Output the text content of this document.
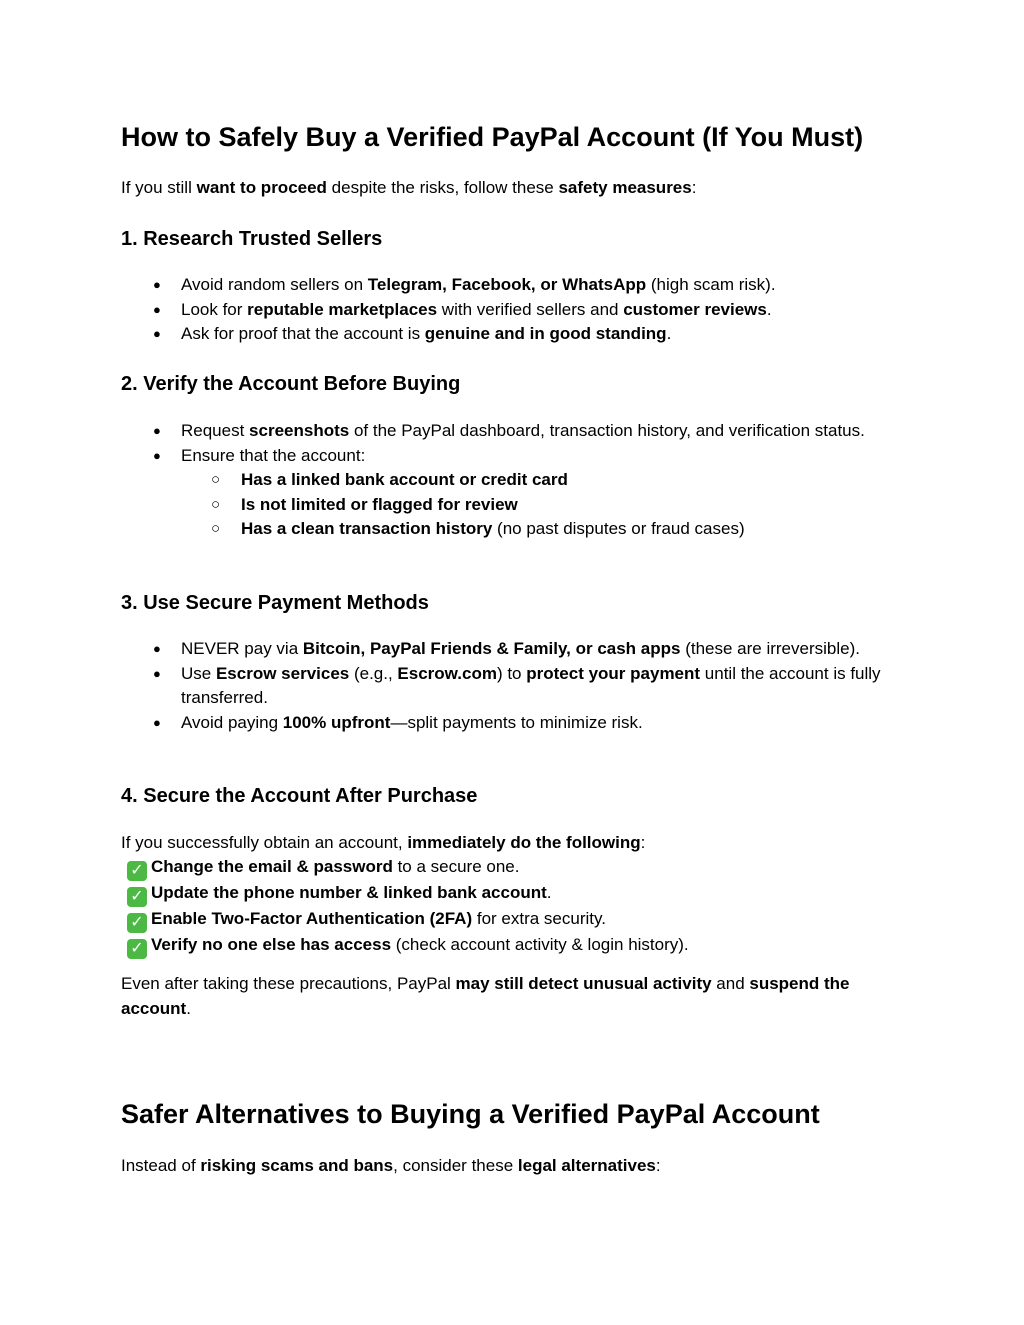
How to Safely Buy a Verified PayPal Account (If You Must)
If you still want to proceed despite the risks, follow these safety measures:
1. Research Trusted Sellers
● Avoid random sellers on Telegram, Facebook, or WhatsApp (high scam risk).
● Look for reputable marketplaces with verified sellers and customer reviews.
● Ask for proof that the account is genuine and in good standing.
2. Verify the Account Before Buying
● Request screenshots of the PayPal dashboard, transaction history, and verification status.
● Ensure that the account:
○ Has a linked bank account or credit card
○ Is not limited or flagged for review
○ Has a clean transaction history (no past disputes or fraud cases)
3. Use Secure Payment Methods
● NEVER pay via Bitcoin, PayPal Friends & Family, or cash apps (these are irreversible).
● Use Escrow services (e.g., Escrow.com) to protect your payment until the account is fully transferred.
● Avoid paying 100% upfront—split payments to minimize risk.
4. Secure the Account After Purchase
If you successfully obtain an account, immediately do the following:
✓ Change the email & password to a secure one.
✓ Update the phone number & linked bank account.
✓ Enable Two-Factor Authentication (2FA) for extra security.
✓ Verify no one else has access (check account activity & login history).
Even after taking these precautions, PayPal may still detect unusual activity and suspend the account.
Safer Alternatives to Buying a Verified PayPal Account
Instead of risking scams and bans, consider these legal alternatives:
